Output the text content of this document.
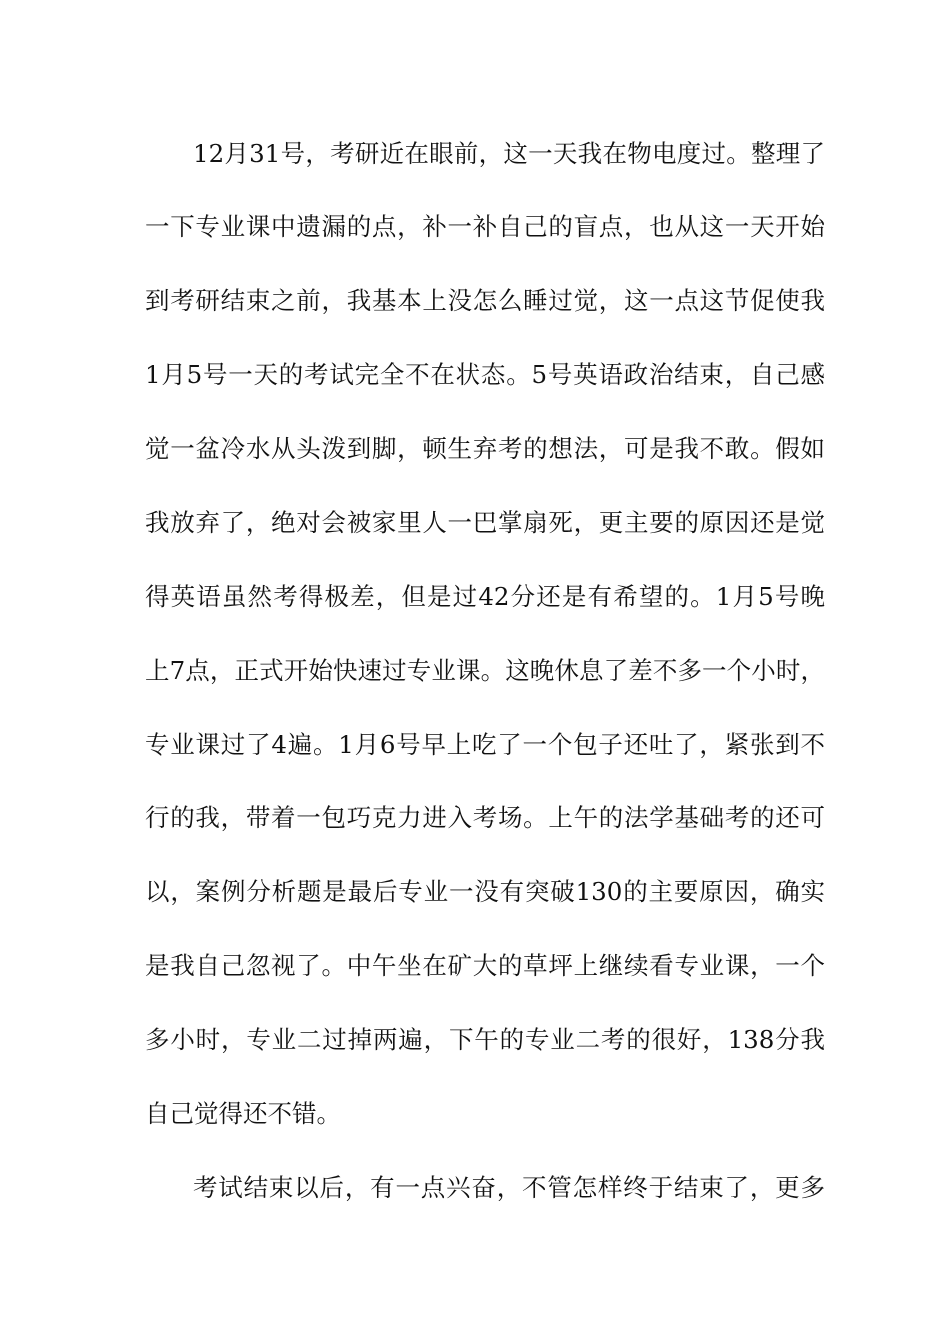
12月31号，考研近在眼前，这一天我在物电度过。整理了
一下专业课中遗漏的点，补一补自己的盲点，也从这一天开始
到考研结束之前，我基本上没怎么睡过觉，这一点这节促使我
1月5号一天的考试完全不在状态。5号英语政治结束，自己感
觉一盆冷水从头泼到脚，顿生弃考的想法，可是我不敢。假如
我放弃了，绝对会被家里人一巴掌扇死，更主要的原因还是觉
得英语虽然考得极差，但是过42分还是有希望的。1月5号晚
上7点，正式开始快速过专业课。这晚休息了差不多一个小时，
专业课过了4遍。1月6号早上吃了一个包子还吐了，紧张到不
行的我，带着一包巧克力进入考场。上午的法学基础考的还可
以，案例分析题是最后专业一没有突破130的主要原因，确实
是我自己忽视了。中午坐在矿大的草坪上继续看专业课，一个
多小时，专业二过掉两遍，下午的专业二考的很好，138分我
自己觉得还不错。
考试结束以后，有一点兴奋，不管怎样终于结束了，更多
